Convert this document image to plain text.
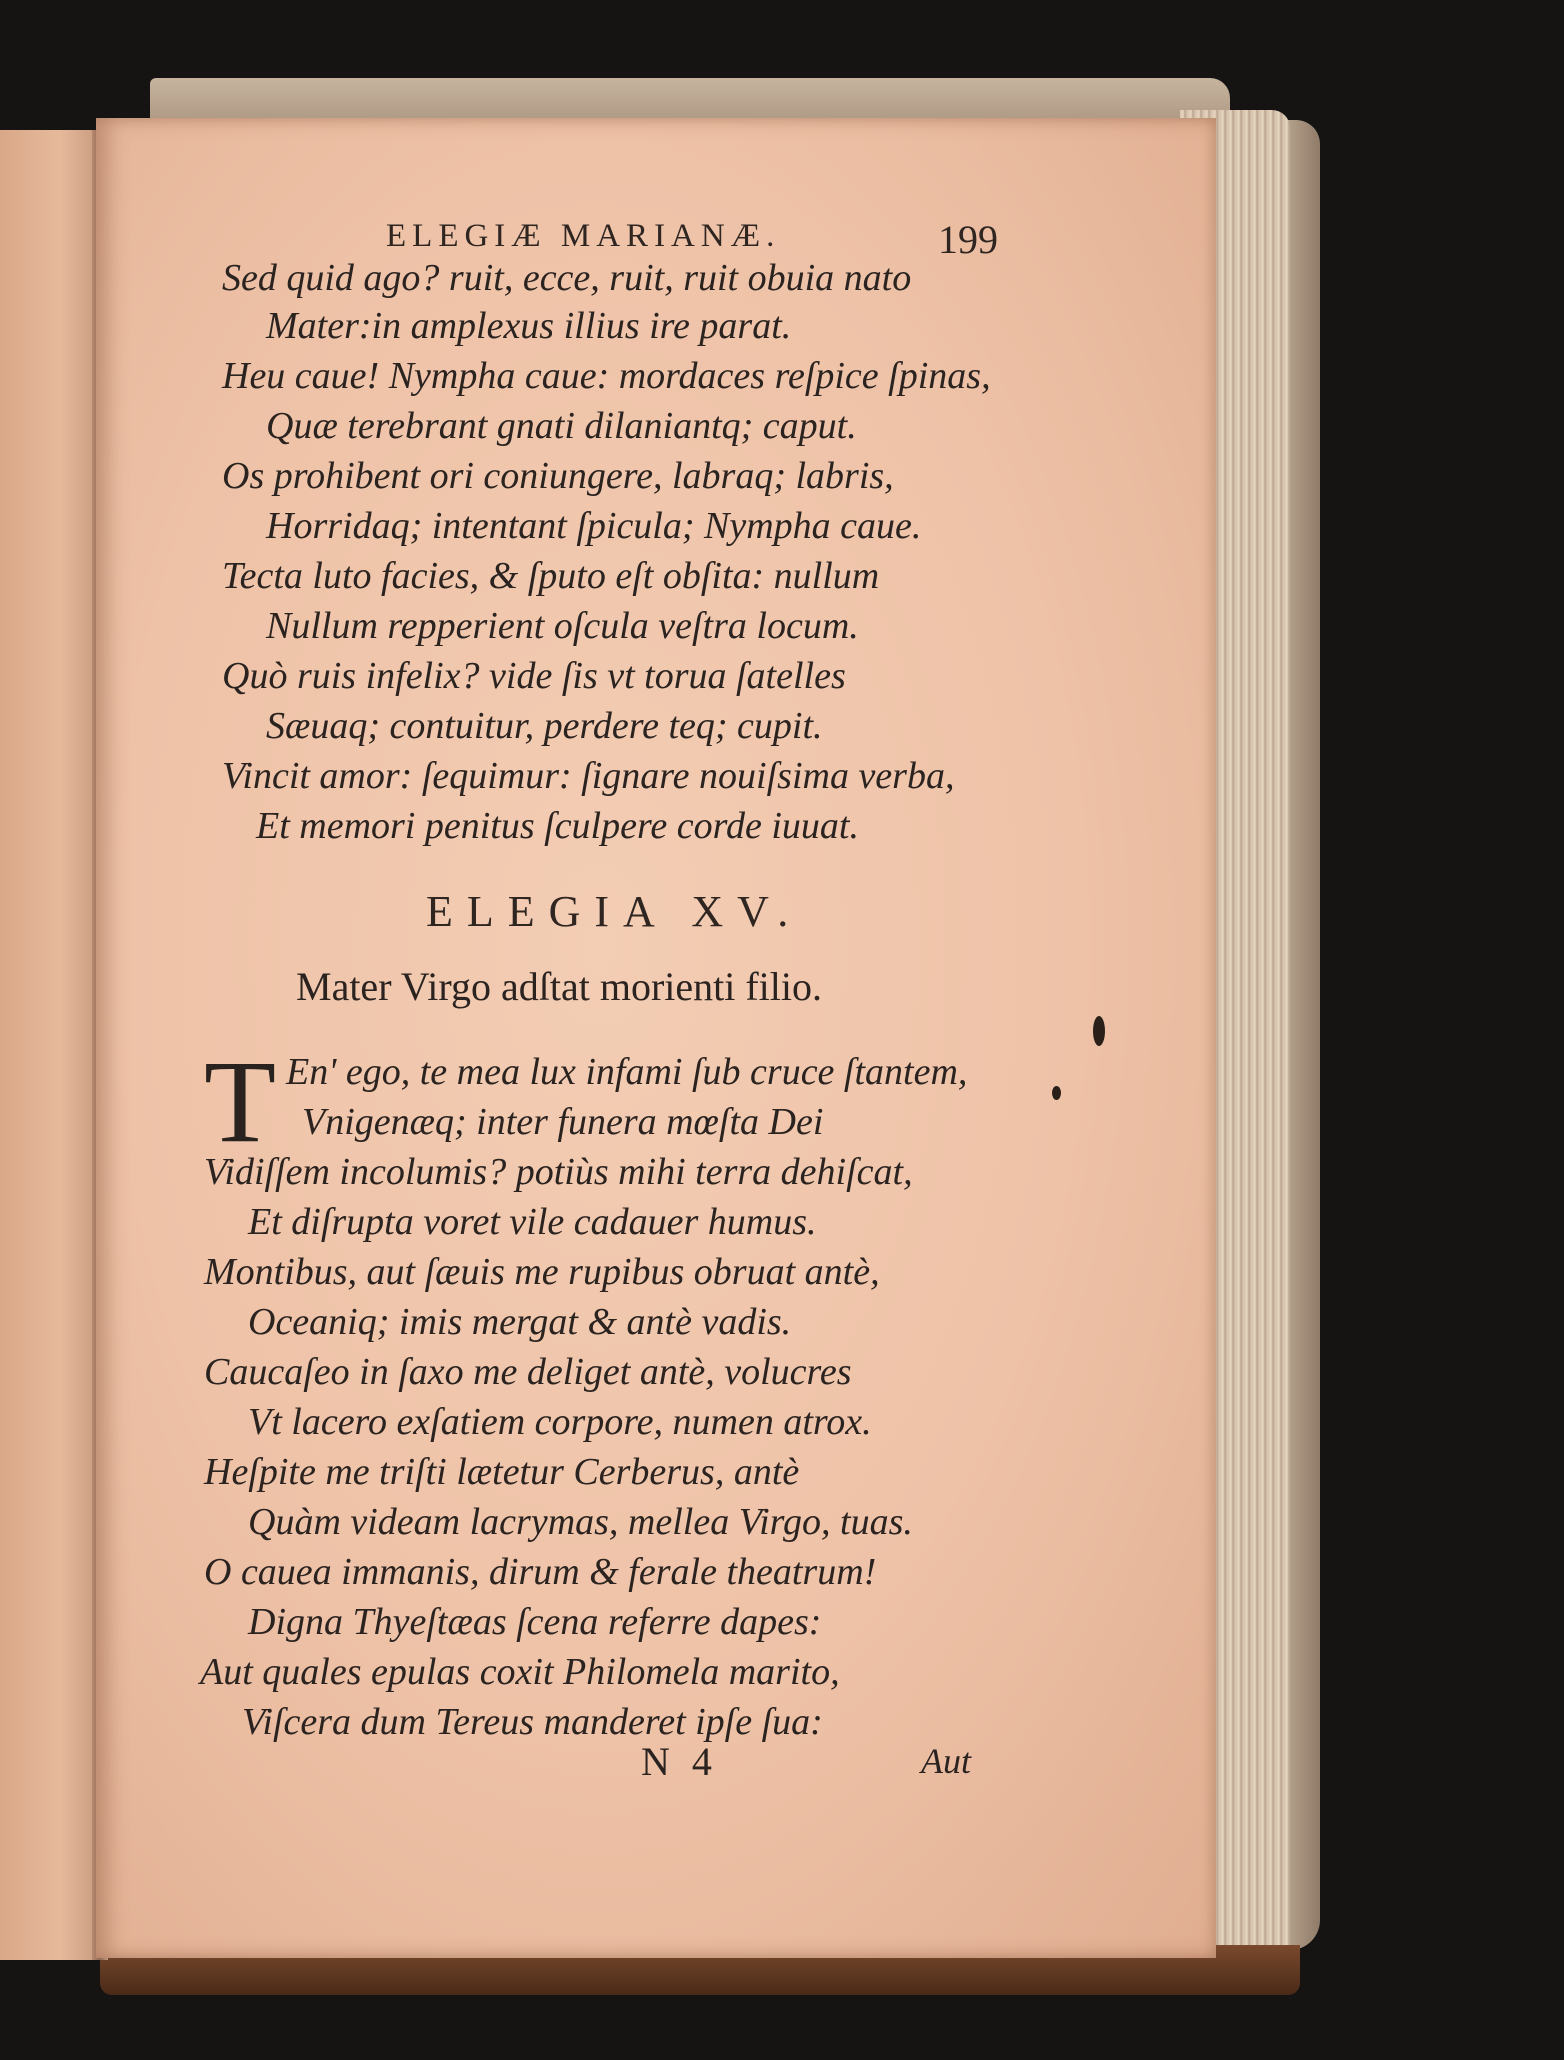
ELEGIÆ MARIANÆ.	199
Sed quid ago? ruit, ecce, ruit, ruit obuia nato
Mater:in amplexus illius ire parat.
Heu caue! Nympha caue: mordaces reſpice ſpinas,
Quæ terebrant gnati dilaniantq; caput.
Os prohibent ori coniungere, labraq; labris,
Horridaq; intentant ſpicula; Nympha caue.
Tecta luto facies, & ſputo eſt obſita: nullum
Nullum repperient oſcula veſtra locum.
Quò ruis infelix? vide ſis vt torua ſatelles
Sæuaq; contuitur, perdere teq; cupit.
Vincit amor: ſequimur: ſignare nouiſsima verba,
Et memori penitus ſculpere corde iuuat.
ELEGIA XV.
Mater Virgo adſtat morienti filio.
T En' ego, te mea lux infami ſub cruce ſtantem,
Vnigenæq; inter funera mœſta Dei
Vidiſſem incolumis? potiùs mihi terra dehiſcat,
Et diſrupta voret vile cadauer humus.
Montibus, aut ſæuis me rupibus obruat antè,
Oceaniq; imis mergat & antè vadis.
Caucaſeo in ſaxo me deliget antè, volucres
Vt lacero exſatiem corpore, numen atrox.
Heſpite me triſti lætetur Cerberus, antè
Quàm videam lacrymas, mellea Virgo, tuas.
O cauea immanis, dirum & ferale theatrum!
Digna Thyeſtæas ſcena referre dapes:
Aut quales epulas coxit Philomela marito,
Viſcera dum Tereus manderet ipſe ſua:
N 4	Aut
